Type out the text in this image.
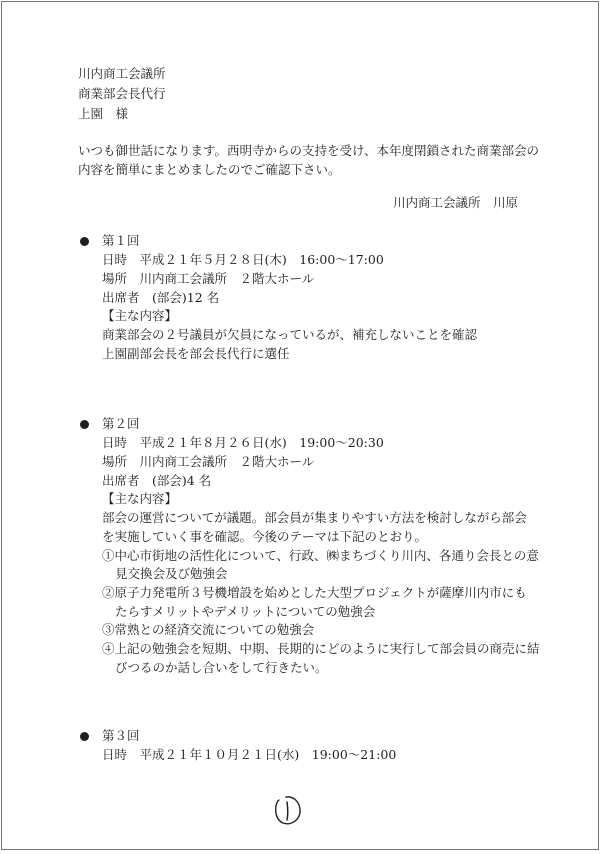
川内商工会議所
商業部会長代行
上園　様
いつも御世話になります。西明寺からの支持を受け、本年度閉鎖された商業部会の
内容を簡単にまとめましたのでご確認下さい。
川内商工会議所　川原
第１回
日時　平成２１年５月２８日(木)　16:00～17:00
場所　川内商工会議所　２階大ホール
出席者　(部会)12 名
【主な内容】
商業部会の２号議員が欠員になっているが、補充しないことを確認
上園副部会長を部会長代行に選任
第２回
日時　平成２１年８月２６日(水)　19:00～20:30
場所　川内商工会議所　２階大ホール
出席者　(部会)4 名
【主な内容】
部会の運営についてが議題。部会員が集まりやすい方法を検討しながら部会
を実施していく事を確認。今後のテーマは下記のとおり。
①中心市街地の活性化について、行政、㈱まちづくり川内、各通り会長との意
見交換会及び勉強会
②原子力発電所３号機増設を始めとした大型プロジェクトが薩摩川内市にも
たらすメリットやデメリットについての勉強会
③常熟との経済交流についての勉強会
④上記の勉強会を短期、中期、長期的にどのように実行して部会員の商売に結
びつるのか話し合いをして行きたい。
第３回
日時　平成２１年１０月２１日(水)　19:00～21:00
